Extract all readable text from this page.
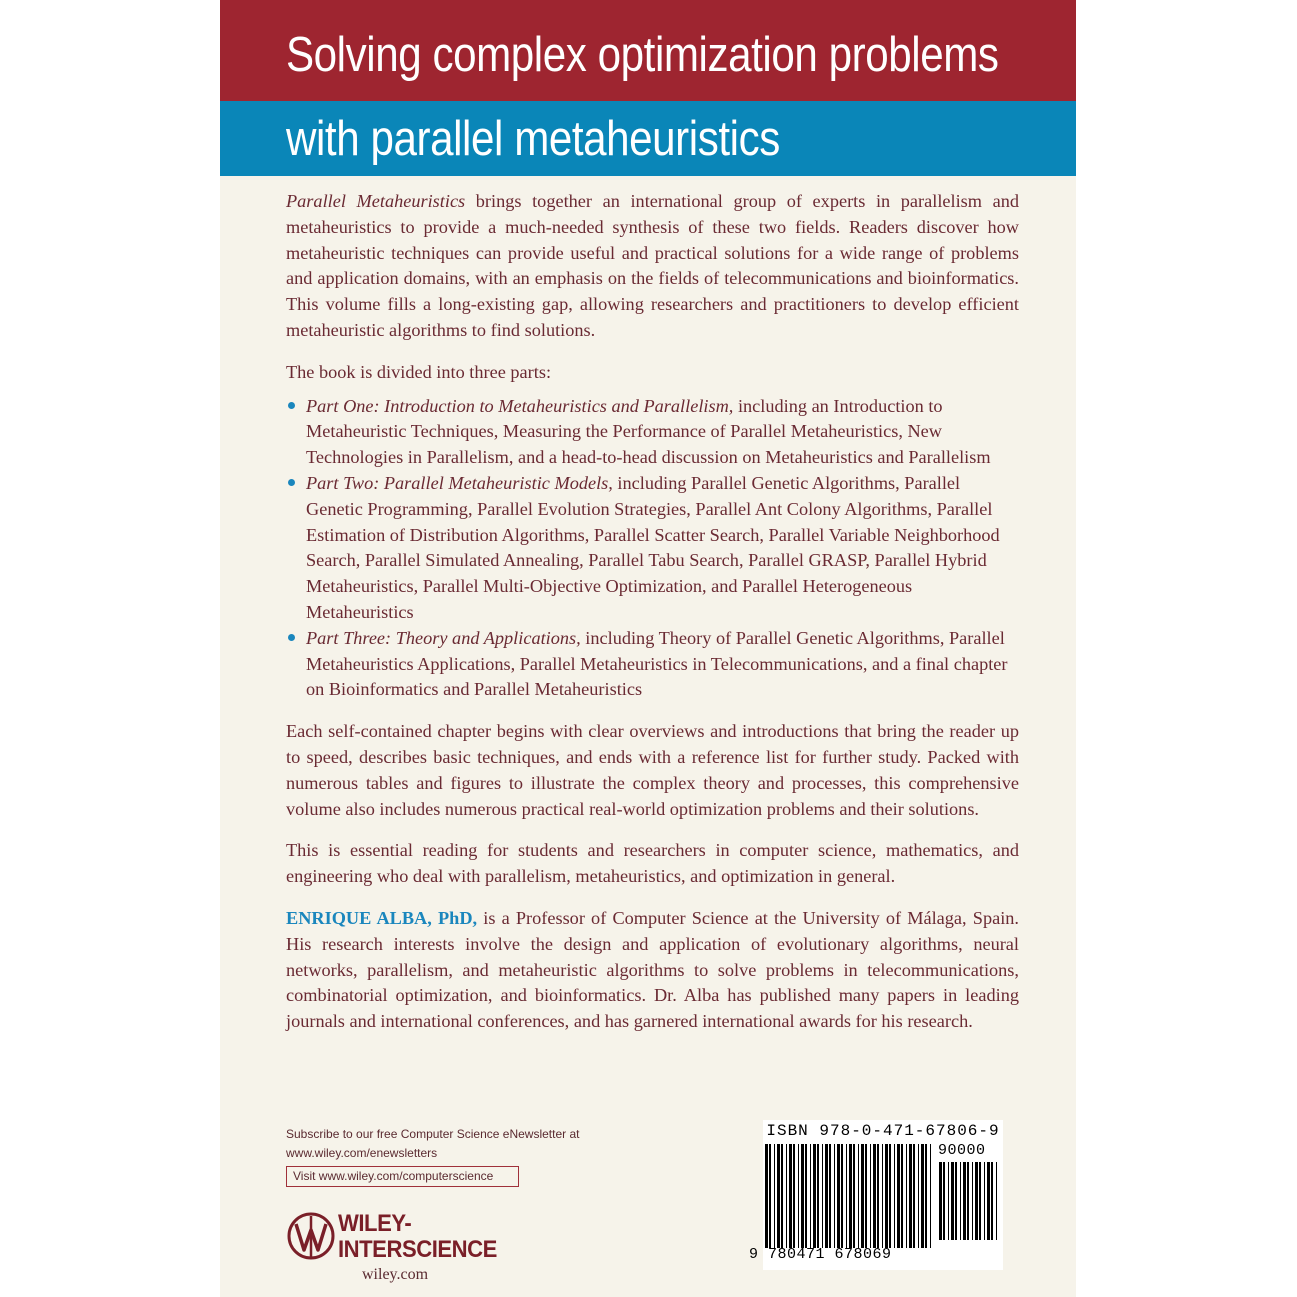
Solving complex optimization problems
with parallel metaheuristics

Parallel Metaheuristics brings together an international group of experts in parallelism and metaheuristics to provide a much-needed synthesis of these two fields. Readers discover how metaheuristic techniques can provide useful and practical solutions for a wide range of problems and application domains, with an emphasis on the fields of telecommunications and bioinformatics. This volume fills a long-existing gap, allowing researchers and practitioners to develop efficient metaheuristic algorithms to find solutions.

The book is divided into three parts:

Part One: Introduction to Metaheuristics and Parallelism, including an Introduction to Metaheuristic Techniques, Measuring the Performance of Parallel Metaheuristics, New Technologies in Parallelism, and a head-to-head discussion on Metaheuristics and Parallelism
Part Two: Parallel Metaheuristic Models, including Parallel Genetic Algorithms, Parallel Genetic Programming, Parallel Evolution Strategies, Parallel Ant Colony Algorithms, Parallel Estimation of Distribution Algorithms, Parallel Scatter Search, Parallel Variable Neighborhood Search, Parallel Simulated Annealing, Parallel Tabu Search, Parallel GRASP, Parallel Hybrid Metaheuristics, Parallel Multi-Objective Optimization, and Parallel Heterogeneous Metaheuristics
Part Three: Theory and Applications, including Theory of Parallel Genetic Algorithms, Parallel Metaheuristics Applications, Parallel Metaheuristics in Telecommunications, and a final chapter on Bioinformatics and Parallel Metaheuristics

Each self-contained chapter begins with clear overviews and introductions that bring the reader up to speed, describes basic techniques, and ends with a reference list for further study. Packed with numerous tables and figures to illustrate the complex theory and processes, this comprehensive volume also includes numerous practical real-world optimization problems and their solutions.

This is essential reading for students and researchers in computer science, mathematics, and engineering who deal with parallelism, metaheuristics, and optimization in general.

ENRIQUE ALBA, PhD, is a Professor of Computer Science at the University of Málaga, Spain. His research interests involve the design and application of evolutionary algorithms, neural networks, parallelism, and metaheuristic algorithms to solve problems in telecommunications, combinatorial optimization, and bioinformatics. Dr. Alba has published many papers in leading journals and international conferences, and has garnered international awards for his research.

Subscribe to our free Computer Science eNewsletter at
www.wiley.com/enewsletters
Visit www.wiley.com/computerscience
WILEY-
INTERSCIENCE
wiley.com
ISBN 978-0-471-67806-9
90000
9 780471 678069
